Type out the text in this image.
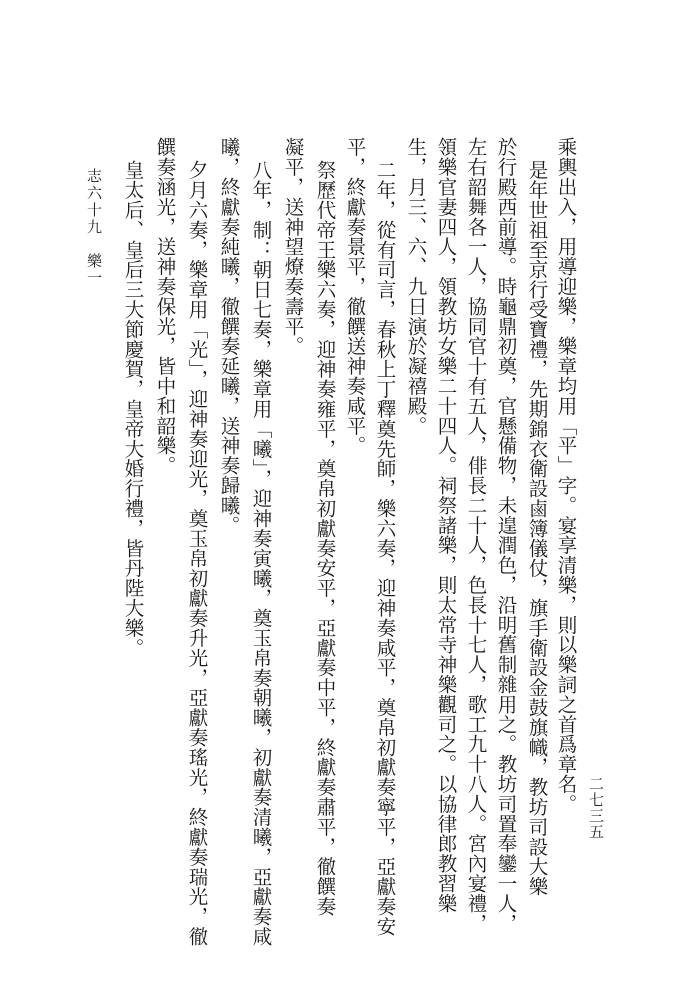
乘輿出入，用導迎樂，樂章均用「平」字。宴享清樂，則以樂詞之首爲章名。
是年世祖至京行受寶禮，先期錦衣衛設鹵簿儀仗，旗手衛設金鼓旗幟，教坊司設大樂
於行殿西前導。時龜鼎初奠，官懸備物，未遑潤色，沿明舊制雜用之。教坊司置奉鑾一人，
左右韶舞各一人，協同官十有五人，俳長二十人，色長十七人，歌工九十八人。宮內宴禮，
領樂官妻四人，領教坊女樂二十四人。祠祭諸樂，則太常寺神樂觀司之。以協律郎教習樂
生，月三、六、九日演於凝禧殿。
二年，從有司言，春秋上丁釋奠先師，樂六奏，迎神奏咸平，奠帛初獻奏寧平，亞獻奏安
平，終獻奏景平，徹饌送神奏咸平。
祭歷代帝王樂六奏，迎神奏雍平，奠帛初獻奏安平，亞獻奏中平，終獻奏肅平，徹饌奏
凝平，送神望燎奏壽平。
八年，制：朝日七奏，樂章用「曦」，迎神奏寅曦，奠玉帛奏朝曦，初獻奏清曦，亞獻奏咸
曦，終獻奏純曦，徹饌奏延曦，送神奏歸曦。
夕月六奏，樂章用「光」，迎神奏迎光，奠玉帛初獻奏升光，亞獻奏瑤光，終獻奏瑞光，徹
饌奏涵光，送神奏保光，皆中和韶樂。
皇太后、皇后三大節慶賀，皇帝大婚行禮，皆丹陛大樂。
志六十九　樂一
二七三五
